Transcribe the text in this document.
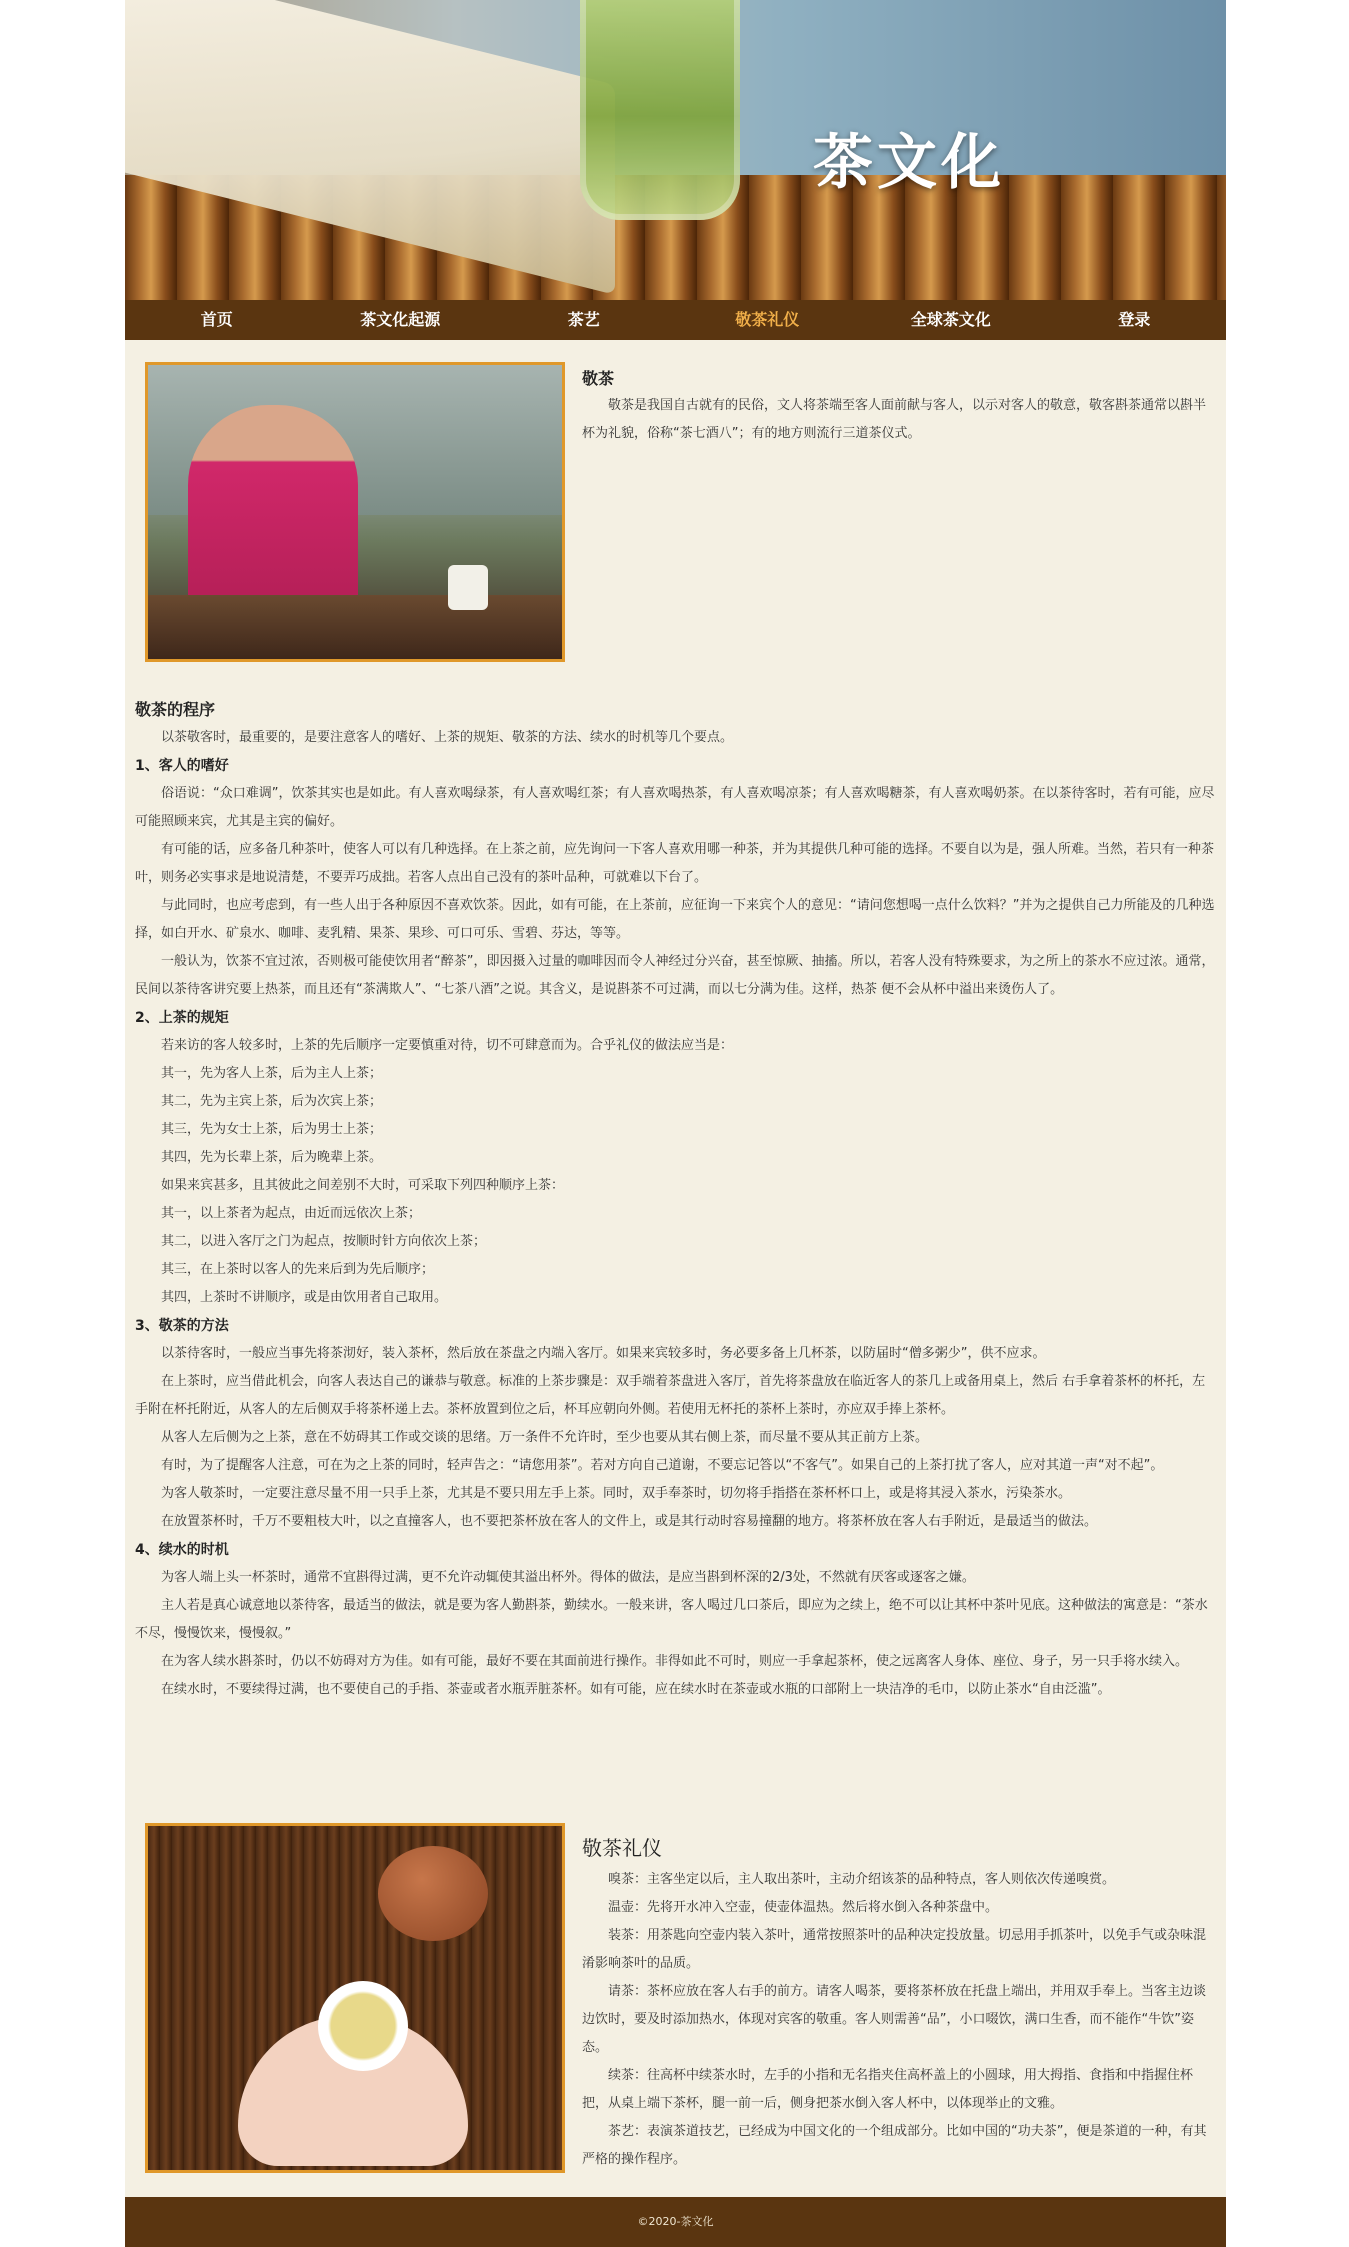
茶文化
首页	茶文化起源	茶艺	敬茶礼仪	全球茶文化	登录
敬茶

敬茶是我国自古就有的民俗，文人将茶端至客人面前献与客人，以示对客人的敬意，敬客斟茶通常以斟半杯为礼貌，俗称“茶七酒八”；有的地方则流行三道茶仪式。

敬茶的程序

以茶敬客时，最重要的，是要注意客人的嗜好、上茶的规矩、敬茶的方法、续水的时机等几个要点。

1、客人的嗜好

俗语说：“众口难调”，饮茶其实也是如此。有人喜欢喝绿茶，有人喜欢喝红茶；有人喜欢喝热茶，有人喜欢喝凉茶；有人喜欢喝糖茶，有人喜欢喝奶茶。在以茶待客时，若有可能，应尽可能照顾来宾，尤其是主宾的偏好。

有可能的话，应多备几种茶叶，使客人可以有几种选择。在上茶之前，应先询问一下客人喜欢用哪一种茶，并为其提供几种可能的选择。不要自以为是，强人所难。当然，若只有一种茶叶，则务必实事求是地说清楚，不要弄巧成拙。若客人点出自己没有的茶叶品种，可就难以下台了。

与此同时，也应考虑到，有一些人出于各种原因不喜欢饮茶。因此，如有可能，在上茶前，应征询一下来宾个人的意见：“请问您想喝一点什么饮料？”并为之提供自己力所能及的几种选择，如白开水、矿泉水、咖啡、麦乳精、果茶、果珍、可口可乐、雪碧、芬达，等等。

一般认为，饮茶不宜过浓，否则极可能使饮用者“醉茶”，即因摄入过量的咖啡因而令人神经过分兴奋，甚至惊厥、抽搐。所以，若客人没有特殊要求，为之所上的茶水不应过浓。通常，民间以茶待客讲究要上热茶，而且还有“茶满欺人”、“七茶八酒”之说。其含义，是说斟茶不可过满，而以七分满为佳。这样，热茶 便不会从杯中溢出来烫伤人了。

2、上茶的规矩

若来访的客人较多时，上茶的先后顺序一定要慎重对待，切不可肆意而为。合乎礼仪的做法应当是：

其一，先为客人上茶，后为主人上茶；

其二，先为主宾上茶，后为次宾上茶；

其三，先为女士上茶，后为男士上茶；

其四，先为长辈上茶，后为晚辈上茶。

如果来宾甚多，且其彼此之间差别不大时，可采取下列四种顺序上茶：

其一，以上茶者为起点，由近而远依次上茶；

其二，以进入客厅之门为起点，按顺时针方向依次上茶；

其三，在上茶时以客人的先来后到为先后顺序；

其四，上茶时不讲顺序，或是由饮用者自己取用。

3、敬茶的方法

以茶待客时，一般应当事先将茶沏好，装入茶杯，然后放在茶盘之内端入客厅。如果来宾较多时，务必要多备上几杯茶，以防届时“僧多粥少”，供不应求。

在上茶时，应当借此机会，向客人表达自己的谦恭与敬意。标准的上茶步骤是：双手端着茶盘进入客厅，首先将茶盘放在临近客人的茶几上或备用桌上，然后 右手拿着茶杯的杯托，左手附在杯托附近，从客人的左后侧双手将茶杯递上去。茶杯放置到位之后，杯耳应朝向外侧。若使用无杯托的茶杯上茶时，亦应双手捧上茶杯。

从客人左后侧为之上茶，意在不妨碍其工作或交谈的思绪。万一条件不允许时，至少也要从其右侧上茶，而尽量不要从其正前方上茶。

有时，为了提醒客人注意，可在为之上茶的同时，轻声告之：“请您用茶”。若对方向自己道谢，不要忘记答以“不客气”。如果自己的上茶打扰了客人，应对其道一声“对不起”。

为客人敬茶时，一定要注意尽量不用一只手上茶，尤其是不要只用左手上茶。同时，双手奉茶时，切勿将手指搭在茶杯杯口上，或是将其浸入茶水，污染茶水。

在放置茶杯时，千万不要粗枝大叶，以之直撞客人，也不要把茶杯放在客人的文件上，或是其行动时容易撞翻的地方。将茶杯放在客人右手附近，是最适当的做法。

4、续水的时机

为客人端上头一杯茶时，通常不宜斟得过满，更不允许动辄使其溢出杯外。得体的做法，是应当斟到杯深的2/3处，不然就有厌客或逐客之嫌。

主人若是真心诚意地以茶待客，最适当的做法，就是要为客人勤斟茶，勤续水。一般来讲，客人喝过几口茶后，即应为之续上，绝不可以让其杯中茶叶见底。这种做法的寓意是：“茶水不尽，慢慢饮来，慢慢叙。”

在为客人续水斟茶时，仍以不妨碍对方为佳。如有可能，最好不要在其面前进行操作。非得如此不可时，则应一手拿起茶杯，使之远离客人身体、座位、身子，另一只手将水续入。

在续水时，不要续得过满，也不要使自己的手指、茶壶或者水瓶弄脏茶杯。如有可能，应在续水时在茶壶或水瓶的口部附上一块洁净的毛巾，以防止茶水“自由泛滥”。

敬茶礼仪

嗅茶：主客坐定以后，主人取出茶叶，主动介绍该茶的品种特点，客人则依次传递嗅赏。

温壶：先将开水冲入空壶，使壶体温热。然后将水倒入各种茶盘中。

装茶：用茶匙向空壶内装入茶叶，通常按照茶叶的品种决定投放量。切忌用手抓茶叶，以免手气或杂味混淆影响茶叶的品质。

请茶：茶杯应放在客人右手的前方。请客人喝茶，要将茶杯放在托盘上端出，并用双手奉上。当客主边谈边饮时，要及时添加热水，体现对宾客的敬重。客人则需善“品”，小口啜饮，满口生香，而不能作“牛饮”姿态。

续茶：往高杯中续茶水时，左手的小指和无名指夹住高杯盖上的小圆球，用大拇指、食指和中指握住杯把，从桌上端下茶杯，腿一前一后，侧身把茶水倒入客人杯中，以体现举止的文雅。

茶艺：表演茶道技艺，已经成为中国文化的一个组成部分。比如中国的“功夫茶”，便是茶道的一种，有其严格的操作程序。

©2020-茶文化
